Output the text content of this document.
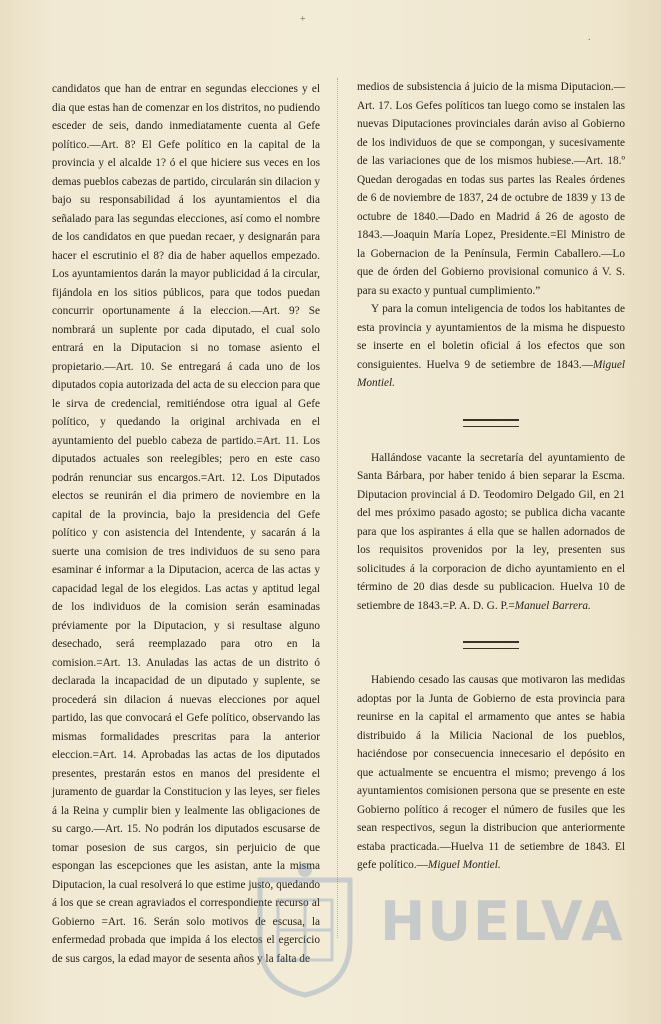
+
.

candidatos que han de entrar en segundas elecciones y el dia que estas han de comenzar en los distritos, no pudiendo esceder de seis, dando inmediatamente cuenta al Gefe político.—Art. 8? El Gefe político en la capital de la provincia y el alcalde 1? ó el que hiciere sus veces en los demas pueblos cabezas de partido, circularán sin dilacion y bajo su responsabilidad á los ayuntamientos el dia señalado para las segundas elecciones, así como el nombre de los candidatos en que puedan recaer, y designarán para hacer el escrutinio el 8? dia de haber aquellos empezado. Los ayuntamientos darán la mayor publicidad á la circular, fijándola en los sitios públicos, para que todos puedan concurrir oportunamente á la eleccion.—Art. 9? Se nombrará un suplente por cada diputado, el cual solo entrará en la Diputacion si no tomase asiento el propietario.—Art. 10. Se entregará á cada uno de los diputados copia autorizada del acta de su eleccion para que le sirva de credencial, remitiéndose otra igual al Gefe político, y quedando la original archivada en el ayuntamiento del pueblo cabeza de partido.=Art. 11. Los diputados actuales son reelegibles; pero en este caso podrán renunciar sus encargos.=Art. 12. Los Diputados electos se reunirán el dia primero de noviembre en la capital de la provincia, bajo la presidencia del Gefe político y con asistencia del Intendente, y sacarán á la suerte una comision de tres individuos de su seno para esaminar é informar a la Diputacion, acerca de las actas y capacidad legal de los elegidos. Las actas y aptitud legal de los individuos de la comision serán esaminadas préviamente por la Diputacion, y si resultase alguno desechado, será reemplazado para otro en la comision.=Art. 13. Anuladas las actas de un distrito ó declarada la incapacidad de un diputado y suplente, se procederá sin dilacion á nuevas elecciones por aquel partido, las que convocará el Gefe político, observando las mismas formalidades prescritas para la anterior eleccion.=Art. 14. Aprobadas las actas de los diputados presentes, prestarán estos en manos del presidente el juramento de guardar la Constitucion y las leyes, ser fieles á la Reina y cumplir bien y lealmente las obligaciones de su cargo.—Art. 15. No podrán los diputados escusarse de tomar posesion de sus cargos, sin perjuicio de que espongan las escepciones que les asistan, ante la misma Diputacion, la cual resolverá lo que estime justo, quedando á los que se crean agraviados el correspondiente recurso al Gobierno =Art. 16. Serán solo motivos de escusa, la enfermedad probada que impida á los electos el egercicio de sus cargos, la edad mayor de sesenta años y la falta de

medios de subsistencia á juicio de la misma Diputacion.—Art. 17. Los Gefes políticos tan luego como se instalen las nuevas Diputaciones provinciales darán aviso al Gobierno de los individuos de que se compongan, y sucesivamente de las variaciones que de los mismos hubiese.—Art. 18.º Quedan derogadas en todas sus partes las Reales órdenes de 6 de noviembre de 1837, 24 de octubre de 1839 y 13 de octubre de 1840.—Dado en Madrid á 26 de agosto de 1843.—Joaquin María Lopez, Presidente.=El Ministro de la Gobernacion de la Península, Fermin Caballero.—Lo que de órden del Gobierno provisional comunico á V. S. para su exacto y puntual cumplimiento.”

Y para la comun inteligencia de todos los habitantes de esta provincia y ayuntamientos de la misma he dispuesto se inserte en el boletin oficial á los efectos que son consiguientes. Huelva 9 de setiembre de 1843.—Miguel Montiel.

Hallándose vacante la secretaría del ayuntamiento de Santa Bárbara, por haber tenido á bien separar la Escma. Diputacion provincial á D. Teodomiro Delgado Gil, en 21 del mes próximo pasado agosto; se publica dicha vacante para que los aspirantes á ella que se hallen adornados de los requisitos provenidos por la ley, presenten sus solicitudes á la corporacion de dicho ayuntamiento en el término de 20 dias desde su publicacion. Huelva 10 de setiembre de 1843.=P. A. D. G. P.=Manuel Barrera.

Habiendo cesado las causas que motivaron las medidas adoptas por la Junta de Gobierno de esta provincia para reunirse en la capital el armamento que antes se habia distribuido á la Milicia Nacional de los pueblos, haciéndose por consecuencia innecesario el depósito en que actualmente se encuentra el mismo; prevengo á los ayuntamientos comisionen persona que se presente en este Gobierno político á recoger el número de fusiles que les sean respectivos, segun la distribucion que anteriormente estaba practicada.—Huelva 11 de setiembre de 1843. El gefe político.—Miguel Montiel.

HUELVA
